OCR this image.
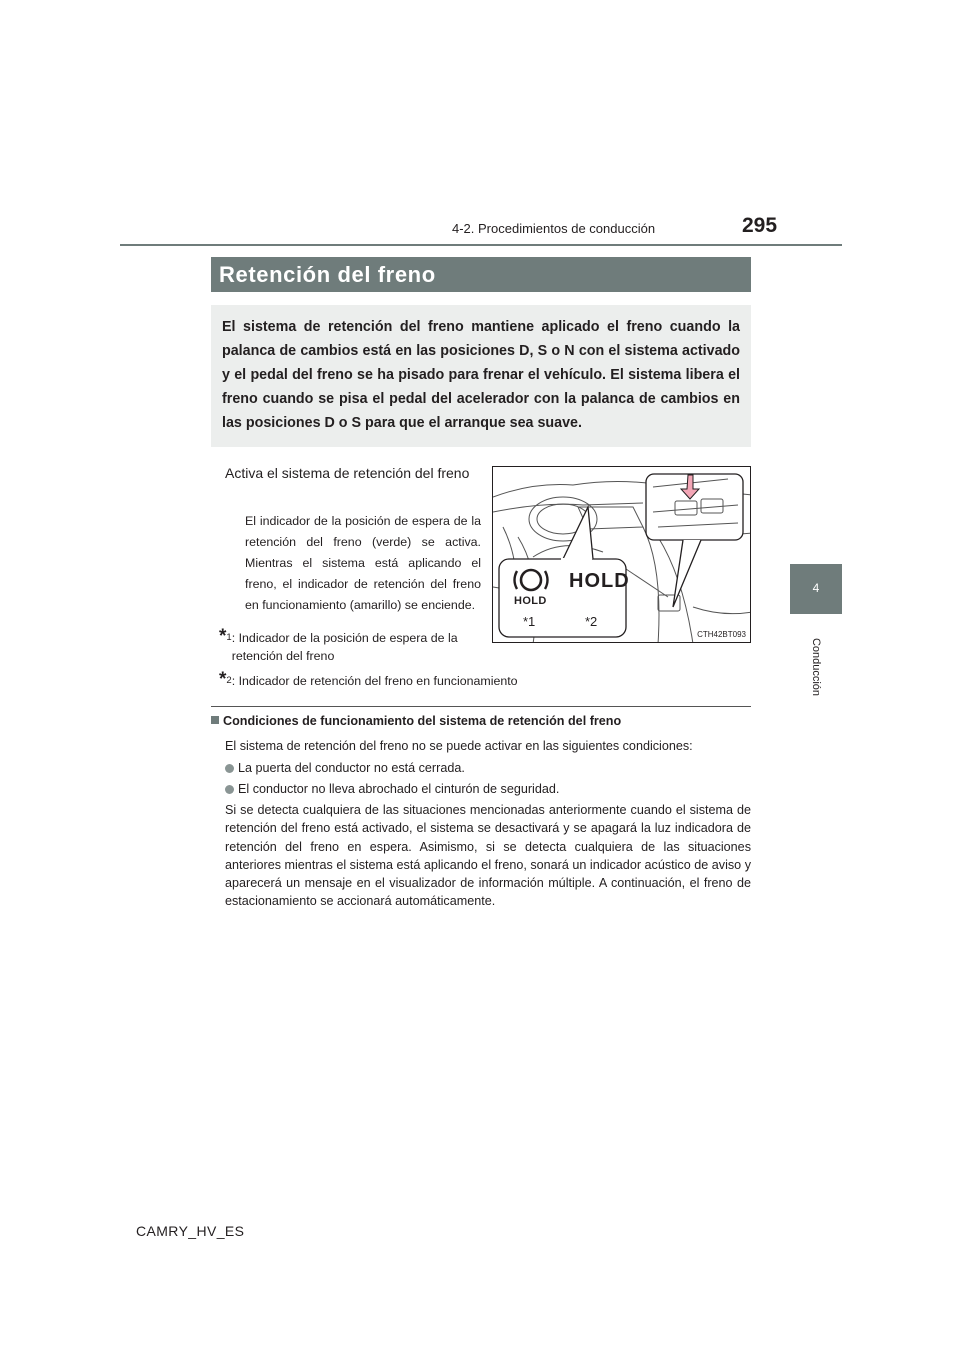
4-2. Procedimientos de conducción	295
4
Conducción
Retención del freno
El sistema de retención del freno mantiene aplicado el freno cuando la palanca de cambios está en las posiciones D, S o N con el sistema activado y el pedal del freno se ha pisado para frenar el vehículo. El sistema libera el freno cuando se pisa el pedal del acelerador con la palanca de cambios en las posiciones D o S para que el arranque sea suave.
Activa el sistema de retención del freno
El indicador de la posición de espera de la retención del freno (verde) se activa. Mientras el sistema está aplicando el freno, el indicador de retención del freno en funcionamiento (amarillo) se enciende.
*$^1$ : Indicador de la posición de espera de la retención del freno
*$^2$ : Indicador de retención del freno en funcionamiento
HOLD
HOLD
*1	*2
CTH42BT093
Condiciones de funcionamiento del sistema de retención del freno
El sistema de retención del freno no se puede activar en las siguientes condiciones:
La puerta del conductor no está cerrada.
El conductor no lleva abrochado el cinturón de seguridad.
Si se detecta cualquiera de las situaciones mencionadas anteriormente cuando el sistema de retención del freno está activado, el sistema se desactivará y se apagará la luz indicadora de retención del freno en espera. Asimismo, si se detecta cualquiera de las situaciones anteriores mientras el sistema está aplicando el freno, sonará un indicador acústico de aviso y aparecerá un mensaje en el visualizador de información múltiple. A continuación, el freno de estacionamiento se accionará automáticamente.
CAMRY_HV_ES
